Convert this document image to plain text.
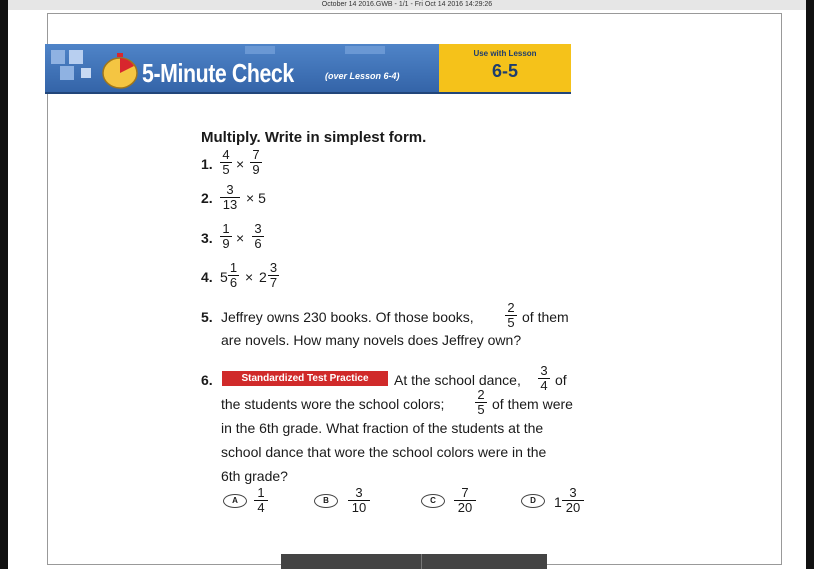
October 14 2016.GWB - 1/1 - Fri Oct 14 2016 14:29:26
5-Minute Check	(over Lesson 6-4)
Use with Lesson
6-5
Multiply. Write in simplest form.
1. $\frac{4}{5} \times \frac{7}{9}$
2. $\frac{3}{13} \times 5$
3. $\frac{1}{9} \times \frac{3}{6}$
4. $5 \frac{1}{6} \times 2 \frac{3}{7}$
5. Jeffrey owns 230 books. Of those books, $\frac{2}{5}$ of them
are novels. How many novels does Jeffrey own?
6.	Standardized Test Practice	At the school dance, $\frac{3}{4}$ of
the students wore the school colors; $\frac{2}{5}$ of them were
in the 6th grade. What fraction of the students at the
school dance that wore the school colors were in the
6th grade?
A	$\frac{1}{4}$	B	$\frac{3}{10}$	C	$\frac{7}{20}$	D	$1 \frac{3}{20}$
